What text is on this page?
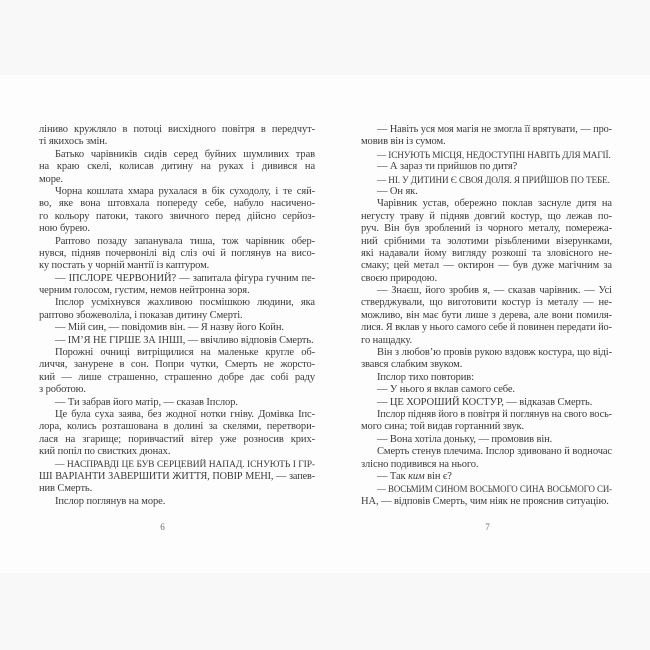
ліниво кружляло в потоці висхідного повітря в передчут-
ті якихось змін.
Батько чарівників сидів серед буйних шумливих трав
на краю скелі, колисав дитину на руках і дивився на
море.
Чорна кошлата хмара рухалася в бік суходолу, і те сяй-
во, яке вона штовхала попереду себе, набуло насичено-
го кольору патоки, такого звичного перед дійсно серйоз-
ною бурею.
Раптово позаду запанувала тиша, тож чарівник обер-
нувся, підняв почервонілі від сліз очі й поглянув на висо-
ку постать у чорній мантії із каптуром.
— ІПСЛОРЕ ЧЕРВОНИЙ? — запитала фігура гучним пе-
черним голосом, густим, немов нейтронна зоря.
Іпслор усміхнувся жахливою посмішкою людини, яка
раптово збожеволіла, і показав дитину Смерті.
— Мій син, — повідомив він. — Я назву його Койн.
— ІМ’Я НЕ ГІРШЕ ЗА ІНШІ, — ввічливо відповів Смерть.
Порожні очниці витріщилися на маленьке кругле об-
личчя, занурене в сон. Попри чутки, Смерть не жорсто-
кий — лише страшенно, страшенно добре дає собі раду
з роботою.
— Ти забрав його матір, — сказав Іпслор.
Це була суха заява, без жодної нотки гніву. Домівка Іпс-
лора, колись розташована в долині за скелями, перетвори-
лася на згарище; поривчастий вітер уже розносив крих-
кий попіл по свистких дюнах.
— НАСПРАВДІ ЦЕ БУВ СЕРЦЕВИЙ НАПАД. ІСНУЮТЬ І ГІР-
ШІ ВАРІАНТИ ЗАВЕРШИТИ ЖИТТЯ, ПОВІР МЕНІ, — запев-
нив Смерть.
Іпслор поглянув на море.
6
— Навіть уся моя магія не змогла її врятувати, — про-
мовив він із сумом.
— ІСНУЮТЬ МІСЦЯ, НЕДОСТУПНІ НАВІТЬ ДЛЯ МАГІЇ.
— А зараз ти прийшов по дитя?
— НІ. У ДИТИНИ Є СВОЯ ДОЛЯ. Я ПРИЙШОВ ПО ТЕБЕ.
— Он як.
Чарівник устав, обережно поклав заснуле дитя на
негусту траву й підняв довгий костур, що лежав по-
руч. Він був зроблений із чорного металу, помережа-
ний срібними та золотими різьбленими візерунками,
які надавали йому вигляду розкоші та зловісного не-
смаку; цей метал — октирон — був дуже магічним за
своєю природою.
— Знаєш, його зробив я, — сказав чарівник. — Усі
стверджували, що виготовити костур із металу — не-
можливо, він має бути лише з дерева, але вони помиля-
лися. Я вклав у нього самого себе й повинен передати йо-
го нащадку.
Він з любов’ю провів рукою вздовж костура, що віді-
звався слабким звуком.
Іпслор тихо повторив:
— У нього я вклав самого себе.
— ЦЕ ХОРОШИЙ КОСТУР, — відказав Смерть.
Іпслор підняв його в повітря й поглянув на свого вось-
мого сина; той видав гортанний звук.
— Вона хотіла доньку, — промовив він.
Смерть стенув плечима. Іпслор здивовано й водночас
злісно подивився на нього.
— Так ким він є?
— ВОСЬМИМ СИНОМ ВОСЬМОГО СИНА ВОСЬМОГО СИ-
НА, — відповів Смерть, чим ніяк не прояснив ситуацію.
7
